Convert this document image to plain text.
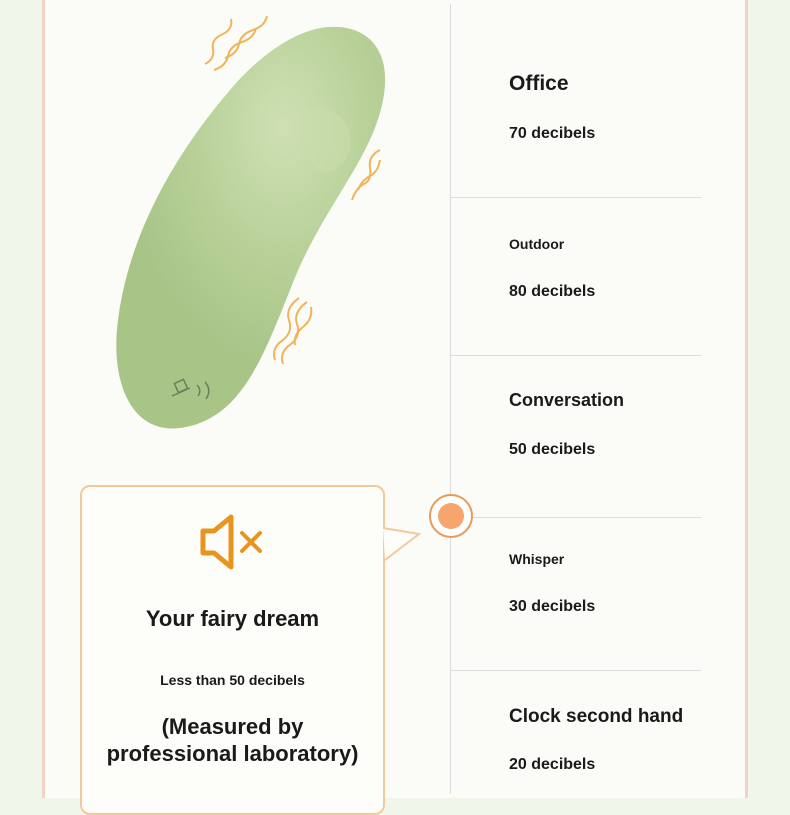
Office
70 decibels
Outdoor
80 decibels
Conversation
50 decibels
Whisper
30 decibels
Clock second hand
20 decibels
Your fairy dream
Less than 50 decibels
(Measured by
professional laboratory)
